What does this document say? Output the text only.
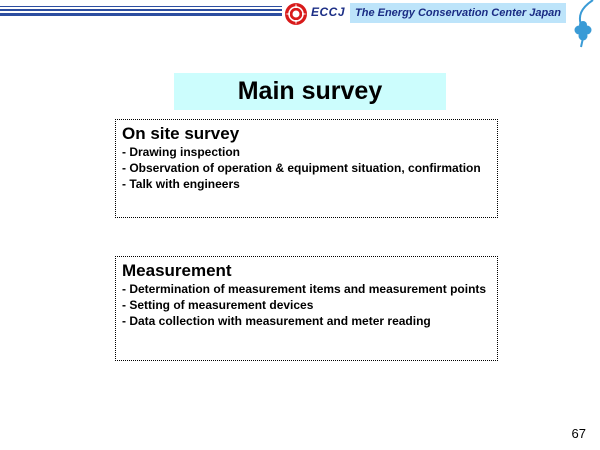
ECCJ The Energy Conservation Center Japan
Main survey
On site survey
- Drawing inspection
- Observation of operation & equipment situation, confirmation
- Talk with engineers
Measurement
- Determination of measurement items and measurement points
- Setting of measurement devices
- Data collection with measurement and meter reading
67
